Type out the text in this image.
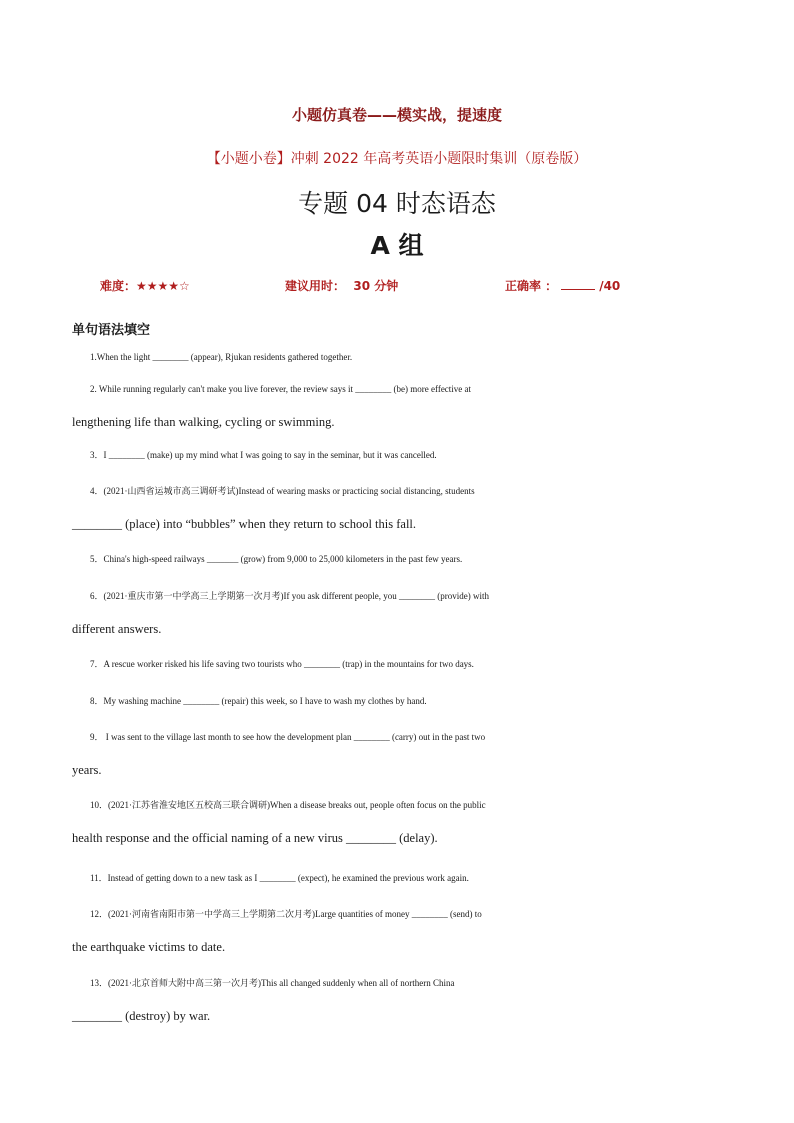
小题仿真卷——模实战，提速度
【小题小卷】冲刺 2022 年高考英语小题限时集训（原卷版）
专题 04 时态语态
A 组
难度：★★★★☆	建议用时： 30 分钟	正确率 ：	/40
单句语法填空
1.When the light ________ (appear), Rjukan residents gathered together.
2. While running regularly can't make you live forever, the review says it ________ (be) more effective at
lengthening life than walking, cycling or swimming.
3．I ________ (make) up my mind what I was going to say in the seminar, but it was cancelled.
4．(2021·山西省运城市高三调研考试)Instead of wearing masks or practicing social distancing, students
________ (place) into “bubbles” when they return to school this fall.
5．China's high-speed railways _______ (grow) from 9,000 to 25,000 kilometers in the past few years.
6．(2021·重庆市第一中学高三上学期第一次月考)If you ask different people, you ________ (provide) with
different answers.
7．A rescue worker risked his life saving two tourists who ________ (trap) in the mountains for two days.
8．My washing machine ________ (repair) this week, so I have to wash my clothes by hand.
9． I was sent to the village last month to see how the development plan ________ (carry) out in the past two
years.
10．(2021·江苏省淮安地区五校高三联合调研)When a disease breaks out, people often focus on the public
health response and the official naming of a new virus ________ (delay).
11．Instead of getting down to a new task as I ________ (expect), he examined the previous work again.
12．(2021·河南省南阳市第一中学高三上学期第二次月考)Large quantities of money ________ (send) to
the earthquake victims to date.
13．(2021·北京首师大附中高三第一次月考)This all changed suddenly when all of northern China
________ (destroy) by war.
